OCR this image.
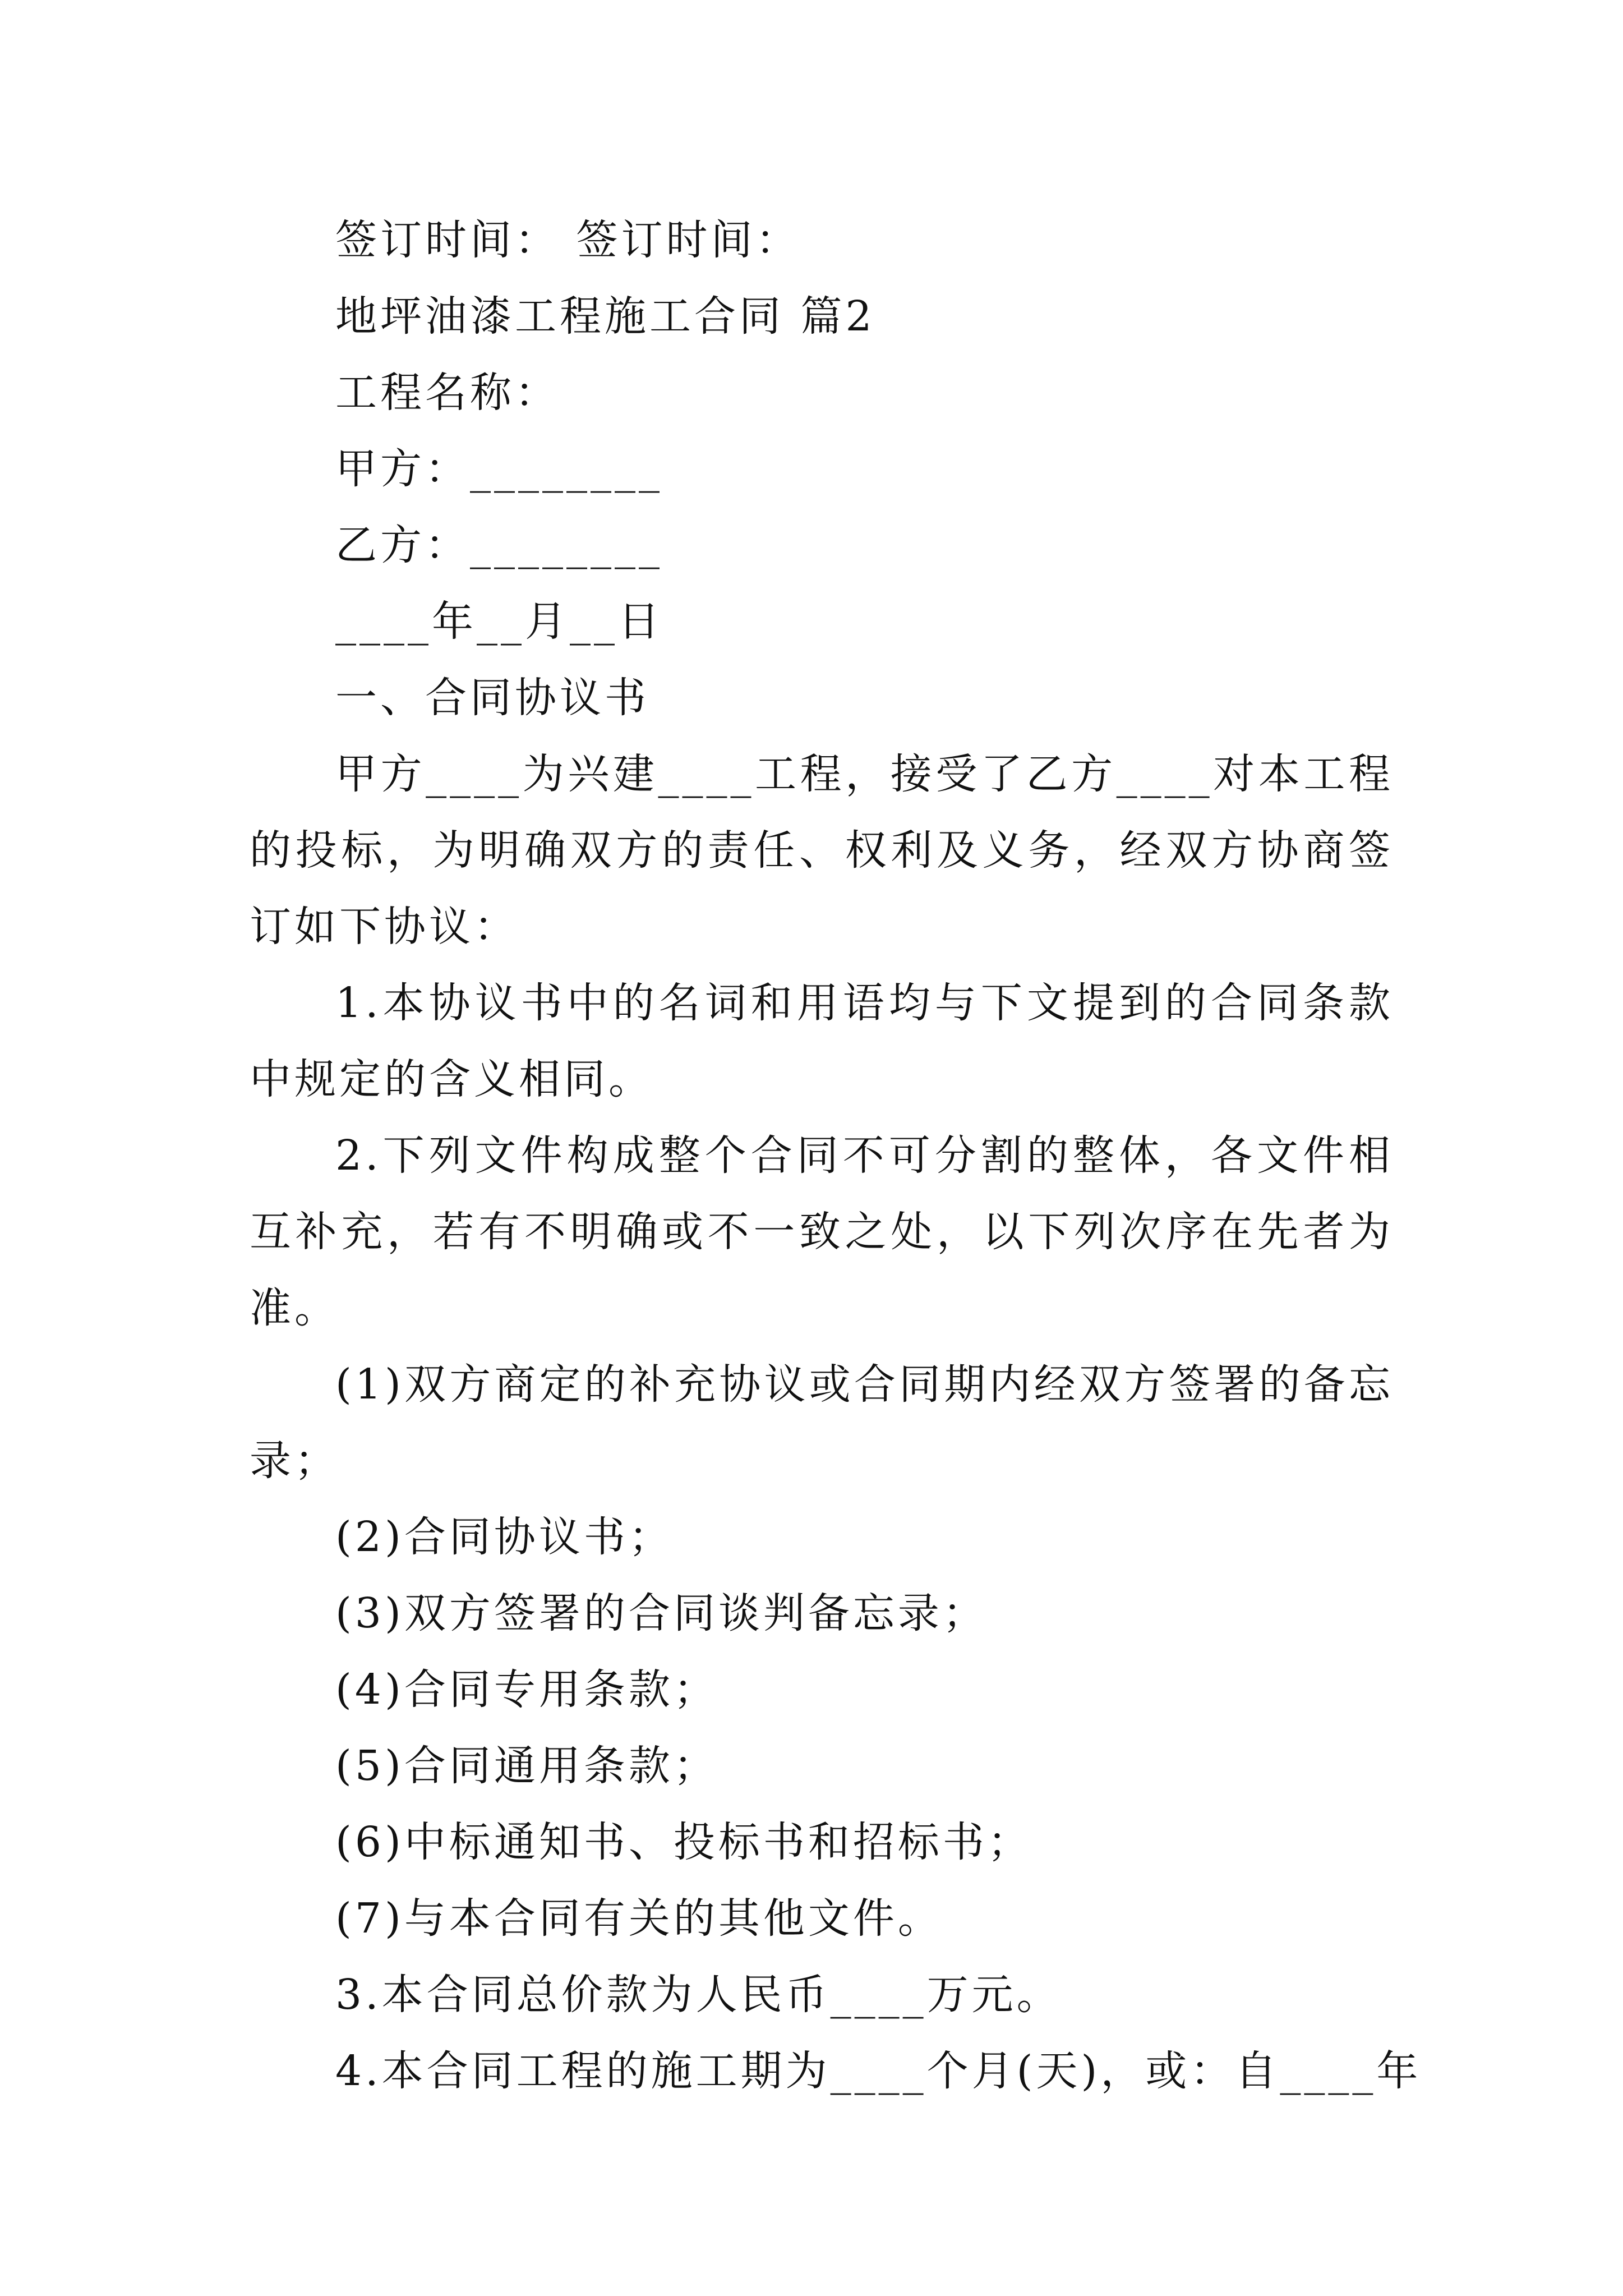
签订时间： 签订时间：
地坪油漆工程施工合同 篇2
工程名称：
甲方：________
乙方：________
____年__月__日
一、合同协议书
甲方____为兴建____工程，接受了乙方____对本工程的投标，为明确双方的责任、权利及义务，经双方协商签订如下协议：
1.本协议书中的名词和用语均与下文提到的合同条款中规定的含义相同。
2.下列文件构成整个合同不可分割的整体，各文件相互补充，若有不明确或不一致之处，以下列次序在先者为准。
(1)双方商定的补充协议或合同期内经双方签署的备忘录；
(2)合同协议书；
(3)双方签署的合同谈判备忘录；
(4)合同专用条款；
(5)合同通用条款；
(6)中标通知书、投标书和招标书；
(7)与本合同有关的其他文件。
3.本合同总价款为人民币____万元。
4.本合同工程的施工期为____个月(天)，或：自____年
